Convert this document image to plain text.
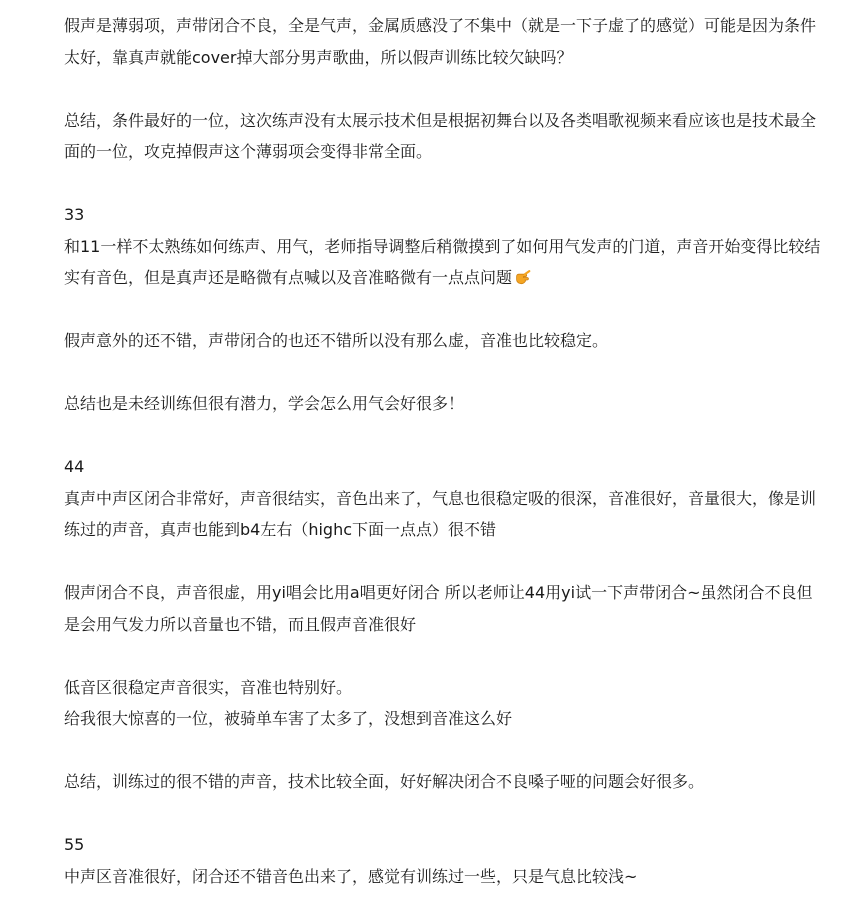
假声是薄弱项，声带闭合不良，全是气声，金属质感没了不集中（就是一下子虚了的感觉）可能是因为条件太好，靠真声就能cover掉大部分男声歌曲，所以假声训练比较欠缺吗？

总结，条件最好的一位，这次练声没有太展示技术但是根据初舞台以及各类唱歌视频来看应该也是技术最全面的一位，攻克掉假声这个薄弱项会变得非常全面。

33

和11一样不太熟练如何练声、用气，老师指导调整后稍微摸到了如何用气发声的门道，声音开始变得比较结实有音色，但是真声还是略微有点喊以及音准略微有一点点问题

假声意外的还不错，声带闭合的也还不错所以没有那么虚，音准也比较稳定。

总结也是未经训练但很有潜力，学会怎么用气会好很多！

44

真声中声区闭合非常好，声音很结实，音色出来了，气息也很稳定吸的很深，音准很好，音量很大，像是训练过的声音，真声也能到b4左右（highc下面一点点）很不错

假声闭合不良，声音很虚，用yi唱会比用a唱更好闭合 所以老师让44用yi试一下声带闭合~虽然闭合不良但是会用气发力所以音量也不错，而且假声音准很好

低音区很稳定声音很实，音准也特别好。

给我很大惊喜的一位，被骑单车害了太多了，没想到音准这么好

总结，训练过的很不错的声音，技术比较全面，好好解决闭合不良嗓子哑的问题会好很多。

55

中声区音准很好，闭合还不错音色出来了，感觉有训练过一些，只是气息比较浅~
